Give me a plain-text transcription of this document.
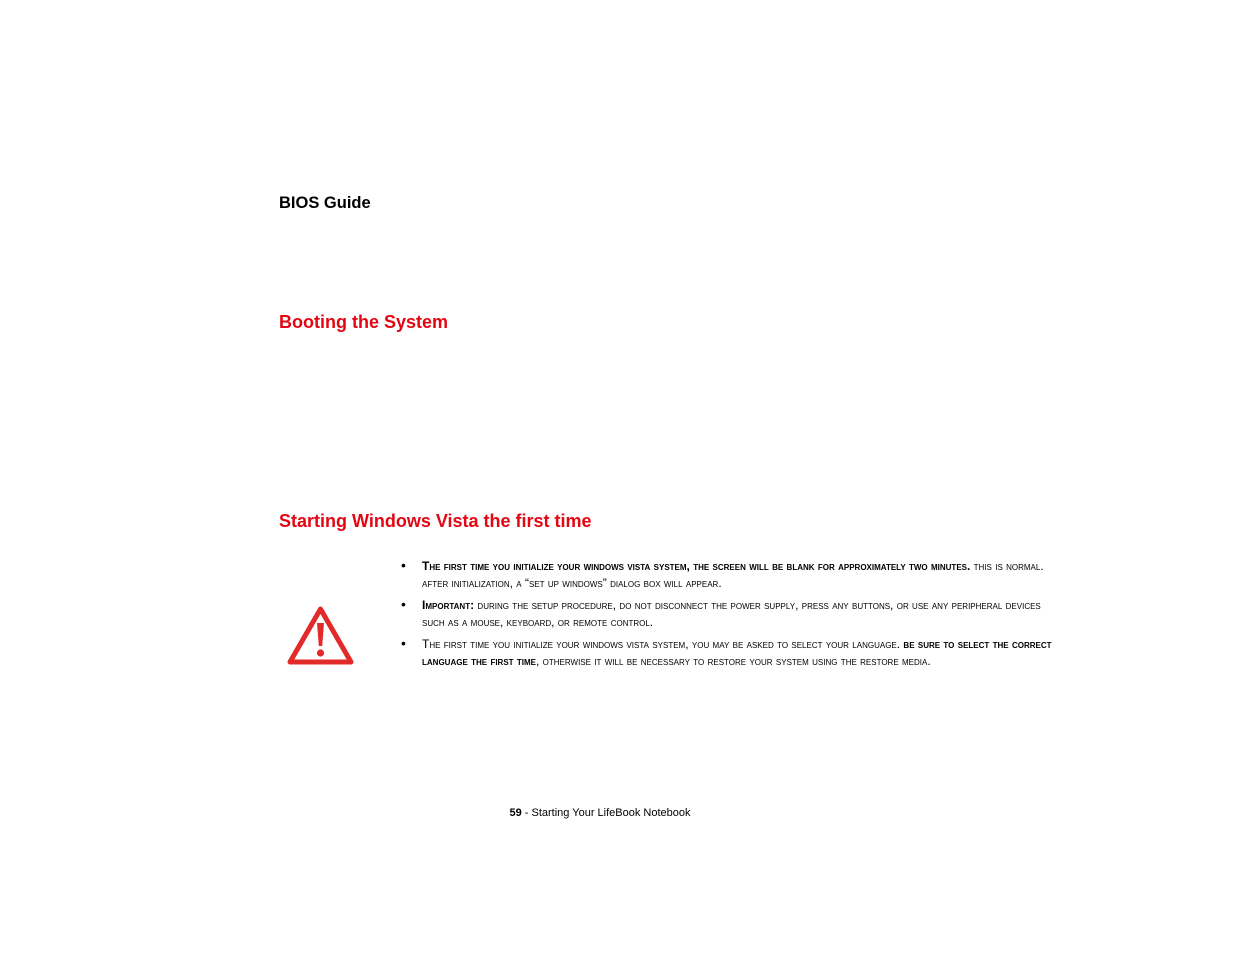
BIOS Guide
Booting the System
Starting Windows Vista the first time
• the first time you initialize your windows vista system, the screen will be blank for approximately two minutes. this is normal. after initialization, a “set up windows” dialog box will appear.
• important: during the setup procedure, do not disconnect the power supply, press any buttons, or use any peripheral devices such as a mouse, keyboard, or remote control.
• the first time you initialize your windows vista system, you may be asked to select your language. be sure to select the correct language the first time, otherwise it will be necessary to restore your system using the restore media.
59 - Starting Your LifeBook Notebook
